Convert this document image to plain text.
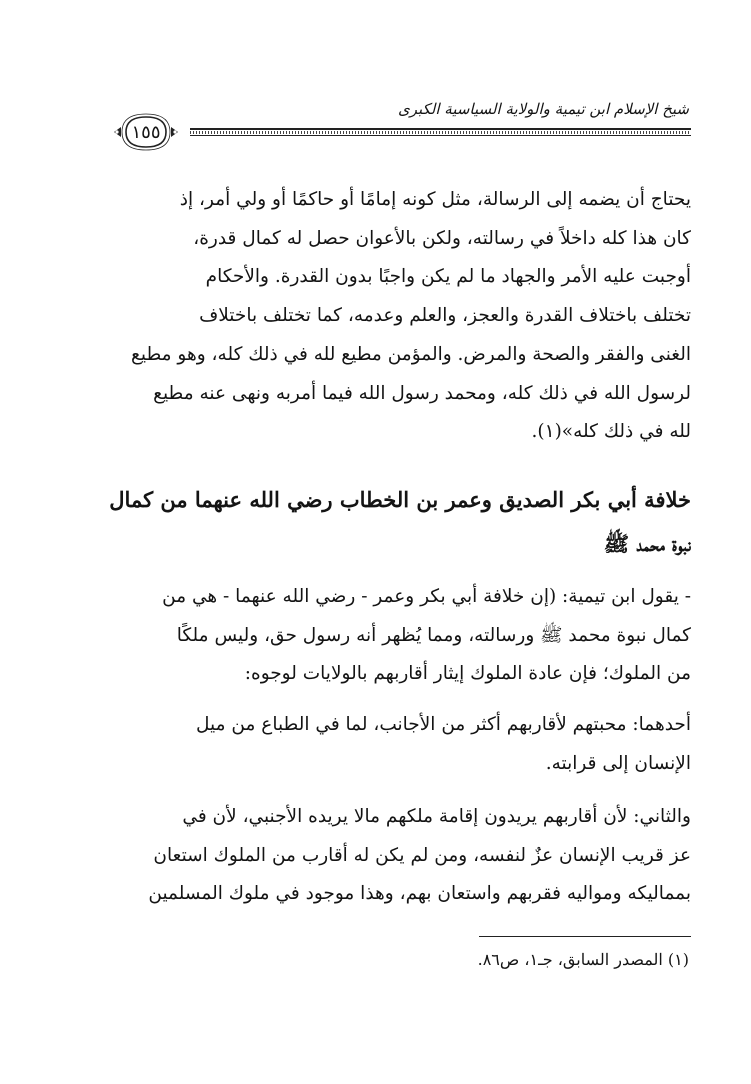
شيخ الإسلام ابن تيمية والولاية السياسية الكبرى
١٥٥
يحتاج أن يضمه إلى الرسالة، مثل كونه إمامًا أو حاكمًا أو ولي أمر، إذ
كان هذا كله داخلاً في رسالته، ولكن بالأعوان حصل له كمال قدرة،
أوجبت عليه الأمر والجهاد ما لم يكن واجبًا بدون القدرة. والأحكام
تختلف باختلاف القدرة والعجز، والعلم وعدمه، كما تختلف باختلاف
الغنى والفقر والصحة والمرض. والمؤمن مطيع لله في ذلك كله، وهو مطيع
لرسول الله في ذلك كله، ومحمد رسول الله فيما أمربه ونهى عنه مطيع
لله في ذلك كله»(١).
خلافة أبي بكر الصديق وعمر بن الخطاب رضي الله عنهما من كمال
نبوة محمد ﷺ
- يقول ابن تيمية: (إن خلافة أبي بكر وعمر - رضي الله عنهما - هي من
كمال نبوة محمد ﷺ ورسالته، ومما يُظهر أنه رسول حق، وليس ملكًا
من الملوك؛ فإن عادة الملوك إيثار أقاربهم بالولايات لوجوه:
أحدهما: محبتهم لأقاربهم أكثر من الأجانب، لما في الطباع من ميل
الإنسان إلى قرابته.
والثاني: لأن أقاربهم يريدون إقامة ملكهم مالا يريده الأجنبي، لأن في
عز قريب الإنسان عزٌ لنفسه، ومن لم يكن له أقارب من الملوك استعان
بمماليكه ومواليه فقربهم واستعان بهم، وهذا موجود في ملوك المسلمين
(١) المصدر السابق، جـ١، ص٨٦.
